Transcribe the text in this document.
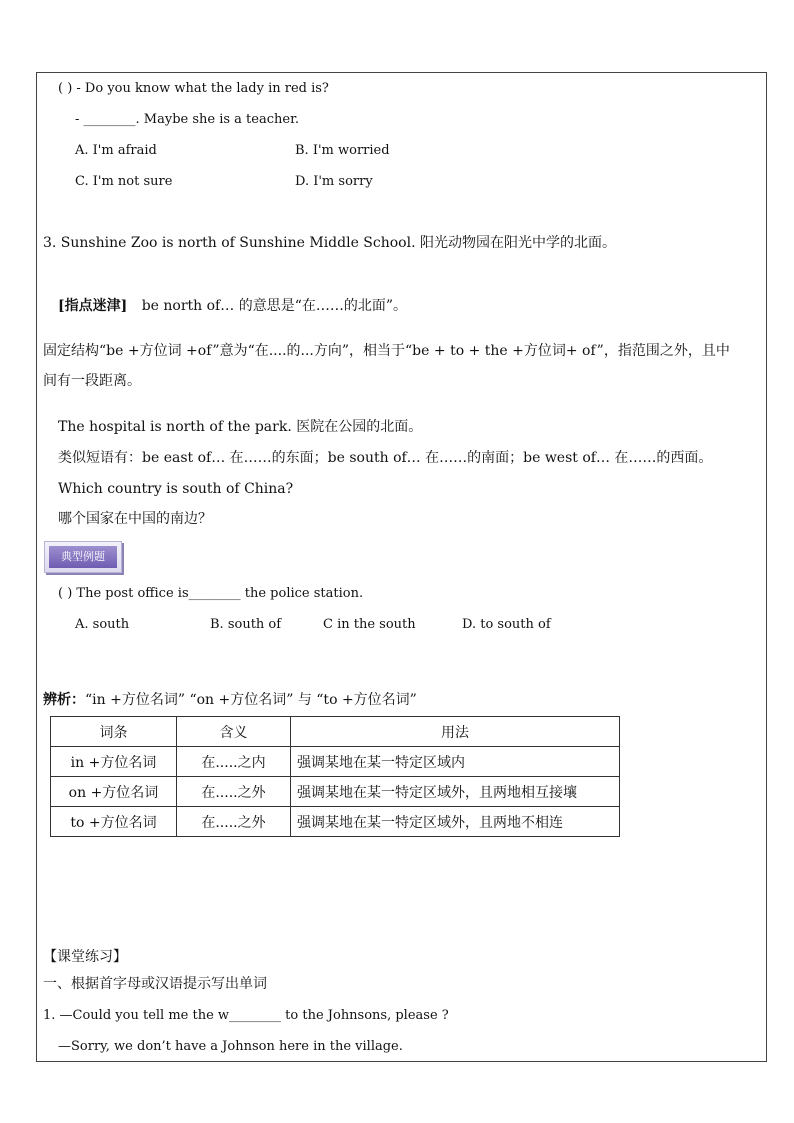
( ) - Do you know what the lady in red is?
- ________. Maybe she is a teacher.
A. I'm afraid	B. I'm worried
C. I'm not sure	D. I'm sorry
3. Sunshine Zoo is north of Sunshine Middle School. 阳光动物园在阳光中学的北面。
[指点迷津] be north of… 的意思是“在……的北面”。
固定结构“be +方位词 +of”意为“在....的...方向”，相当于“be + to + the +方位词+ of”，指范围之外，且中
间有一段距离。
The hospital is north of the park. 医院在公园的北面。
类似短语有：be east of… 在……的东面；be south of… 在……的南面；be west of… 在……的西面。
Which country is south of China?
哪个国家在中国的南边？
典型例题
( ) The post office is________ the police station.
A. south	B. south of	C in the south	D. to south of
辨析：“in +方位名词” “on +方位名词” 与 “to +方位名词”
词条	含义	用法
in +方位名词	在.....之内	强调某地在某一特定区域内
on +方位名词	在.....之外	强调某地在某一特定区域外，且两地相互接壤
to +方位名词	在.....之外	强调某地在某一特定区域外，且两地不相连
【课堂练习】
一、根据首字母或汉语提示写出单词
1. —Could you tell me the w________ to the Johnsons, please ?
—Sorry, we don’t have a Johnson here in the village.
